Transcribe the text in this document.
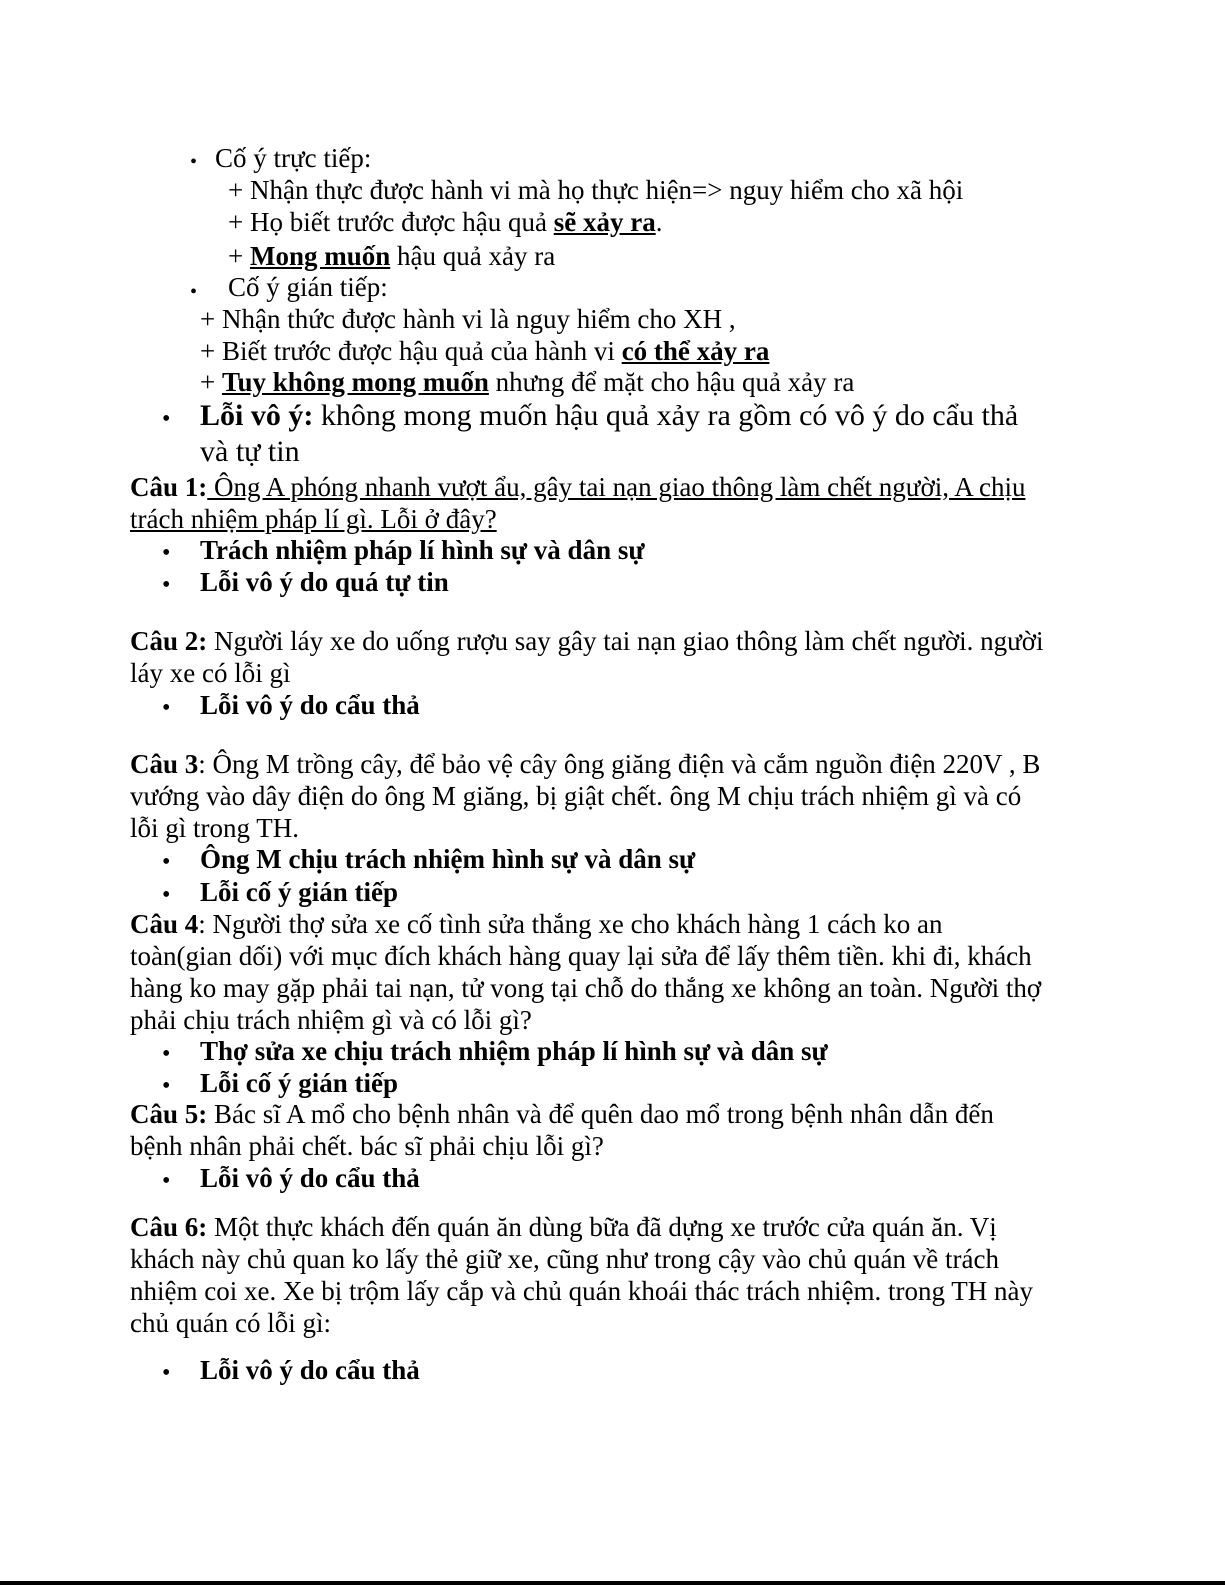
• Cố ý trực tiếp:
+ Nhận thực được hành vi mà họ thực hiện=> nguy hiểm cho xã hội
+ Họ biết trước được hậu quả sẽ xảy ra.
+ Mong muốn hậu quả xảy ra
• Cố ý gián tiếp:
+ Nhận thức được hành vi là nguy hiểm cho XH ,
+ Biết trước được hậu quả của hành vi có thể xảy ra
+ Tuy không mong muốn nhưng để mặt cho hậu quả xảy ra
• Lỗi vô ý: không mong muốn hậu quả xảy ra gồm có vô ý do cẩu thả
và tự tin
Câu 1: Ông A phóng nhanh vượt ẩu, gây tai nạn giao thông làm chết người, A chịu
trách nhiệm pháp lí gì. Lỗi ở đây?
• Trách nhiệm pháp lí hình sự và dân sự
• Lỗi vô ý do quá tự tin
Câu 2: Người láy xe do uống rượu say gây tai nạn giao thông làm chết người. người
láy xe có lỗi gì
• Lỗi vô ý do cẩu thả
Câu 3: Ông M trồng cây, để bảo vệ cây ông giăng điện và cắm nguồn điện 220V , B
vướng vào dây điện do ông M giăng, bị giật chết. ông M chịu trách nhiệm gì và có
lỗi gì trong TH.
• Ông M chịu trách nhiệm hình sự và dân sự
• Lỗi cố ý gián tiếp
Câu 4: Người thợ sửa xe cố tình sửa thắng xe cho khách hàng 1 cách ko an
toàn(gian dối) với mục đích khách hàng quay lại sửa để lấy thêm tiền. khi đi, khách
hàng ko may gặp phải tai nạn, tử vong tại chỗ do thắng xe không an toàn. Người thợ
phải chịu trách nhiệm gì và có lỗi gì?
• Thợ sửa xe chịu trách nhiệm pháp lí hình sự và dân sự
• Lỗi cố ý gián tiếp
Câu 5: Bác sĩ A mổ cho bệnh nhân và để quên dao mổ trong bệnh nhân dẫn đến
bệnh nhân phải chết. bác sĩ phải chịu lỗi gì?
• Lỗi vô ý do cẩu thả
Câu 6: Một thực khách đến quán ăn dùng bữa đã dựng xe trước cửa quán ăn. Vị
khách này chủ quan ko lấy thẻ giữ xe, cũng như trong cậy vào chủ quán về trách
nhiệm coi xe. Xe bị trộm lấy cắp và chủ quán khoái thác trách nhiệm. trong TH này
chủ quán có lỗi gì:
• Lỗi vô ý do cẩu thả
